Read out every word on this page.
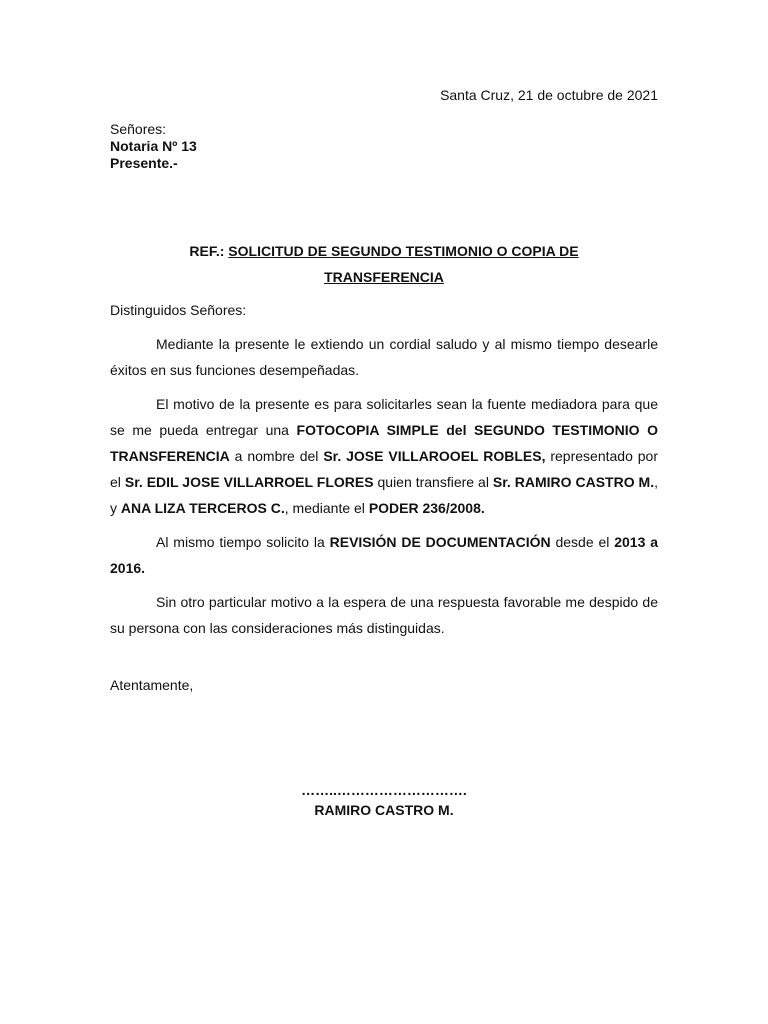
Santa Cruz, 21 de octubre de 2021
Señores:
Notaria Nº 13
Presente.-
REF.: SOLICITUD DE SEGUNDO TESTIMONIO O COPIA DE
TRANSFERENCIA

Distinguidos Señores:

Mediante la presente le extiendo un cordial saludo y al mismo tiempo desearle éxitos en sus funciones desempeñadas.

El motivo de la presente es para solicitarles sean la fuente mediadora para que se me pueda entregar una FOTOCOPIA SIMPLE del SEGUNDO TESTIMONIO O TRANSFERENCIA a nombre del Sr. JOSE VILLAROOEL ROBLES, representado por el Sr. EDIL JOSE VILLARROEL FLORES quien transfiere al Sr. RAMIRO CASTRO M., y ANA LIZA TERCEROS C., mediante el PODER 236/2008.

Al mismo tiempo solicito la REVISIÓN DE DOCUMENTACIÓN desde el 2013 a 2016.

Sin otro particular motivo a la espera de una respuesta favorable me despido de su persona con las consideraciones más distinguidas.

Atentamente,
……..……………………….
RAMIRO CASTRO M.
